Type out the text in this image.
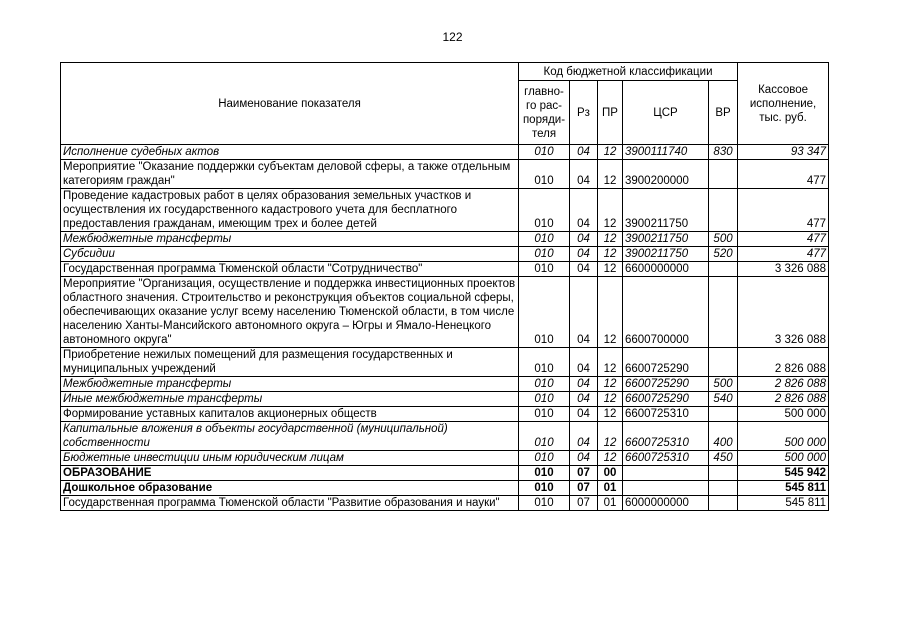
122
Наименование показателя	Код бюджетной классификации					Кассовое исполнение, тыс. руб.
	главно-го рас-поряди-теля	Рз	ПР	ЦСР	ВР	
Исполнение судебных актов	010	04	12	3900111740	830	93 347
Мероприятие "Оказание поддержки субъектам деловой сферы, а также отдельным категориям граждан"	010	04	12	3900200000		477
Проведение кадастровых работ в целях образования земельных участков и осуществления их государственного кадастрового учета для бесплатного предоставления гражданам, имеющим трех и более детей	010	04	12	3900211750		477
Межбюджетные трансферты	010	04	12	3900211750	500	477
Субсидии	010	04	12	3900211750	520	477
Государственная программа Тюменской области "Сотрудничество"	010	04	12	6600000000		3 326 088
Мероприятие "Организация, осуществление и поддержка инвестиционных проектов областного значения. Строительство и реконструкция объектов социальной сферы, обеспечивающих оказание услуг всему населению Тюменской области, в том числе населению Ханты-Мансийского автономного округа – Югры и Ямало-Ненецкого автономного округа"	010	04	12	6600700000		3 326 088
Приобретение нежилых помещений для размещения государственных и муниципальных учреждений	010	04	12	6600725290		2 826 088
Межбюджетные трансферты	010	04	12	6600725290	500	2 826 088
Иные межбюджетные трансферты	010	04	12	6600725290	540	2 826 088
Формирование уставных капиталов акционерных обществ	010	04	12	6600725310		500 000
Капитальные вложения в объекты государственной (муниципальной) собственности	010	04	12	6600725310	400	500 000
Бюджетные инвестиции иным юридическим лицам	010	04	12	6600725310	450	500 000
ОБРАЗОВАНИЕ	010	07	00			545 942
Дошкольное образование	010	07	01			545 811
Государственная программа Тюменской области "Развитие образования и науки"	010	07	01	6000000000		545 811
